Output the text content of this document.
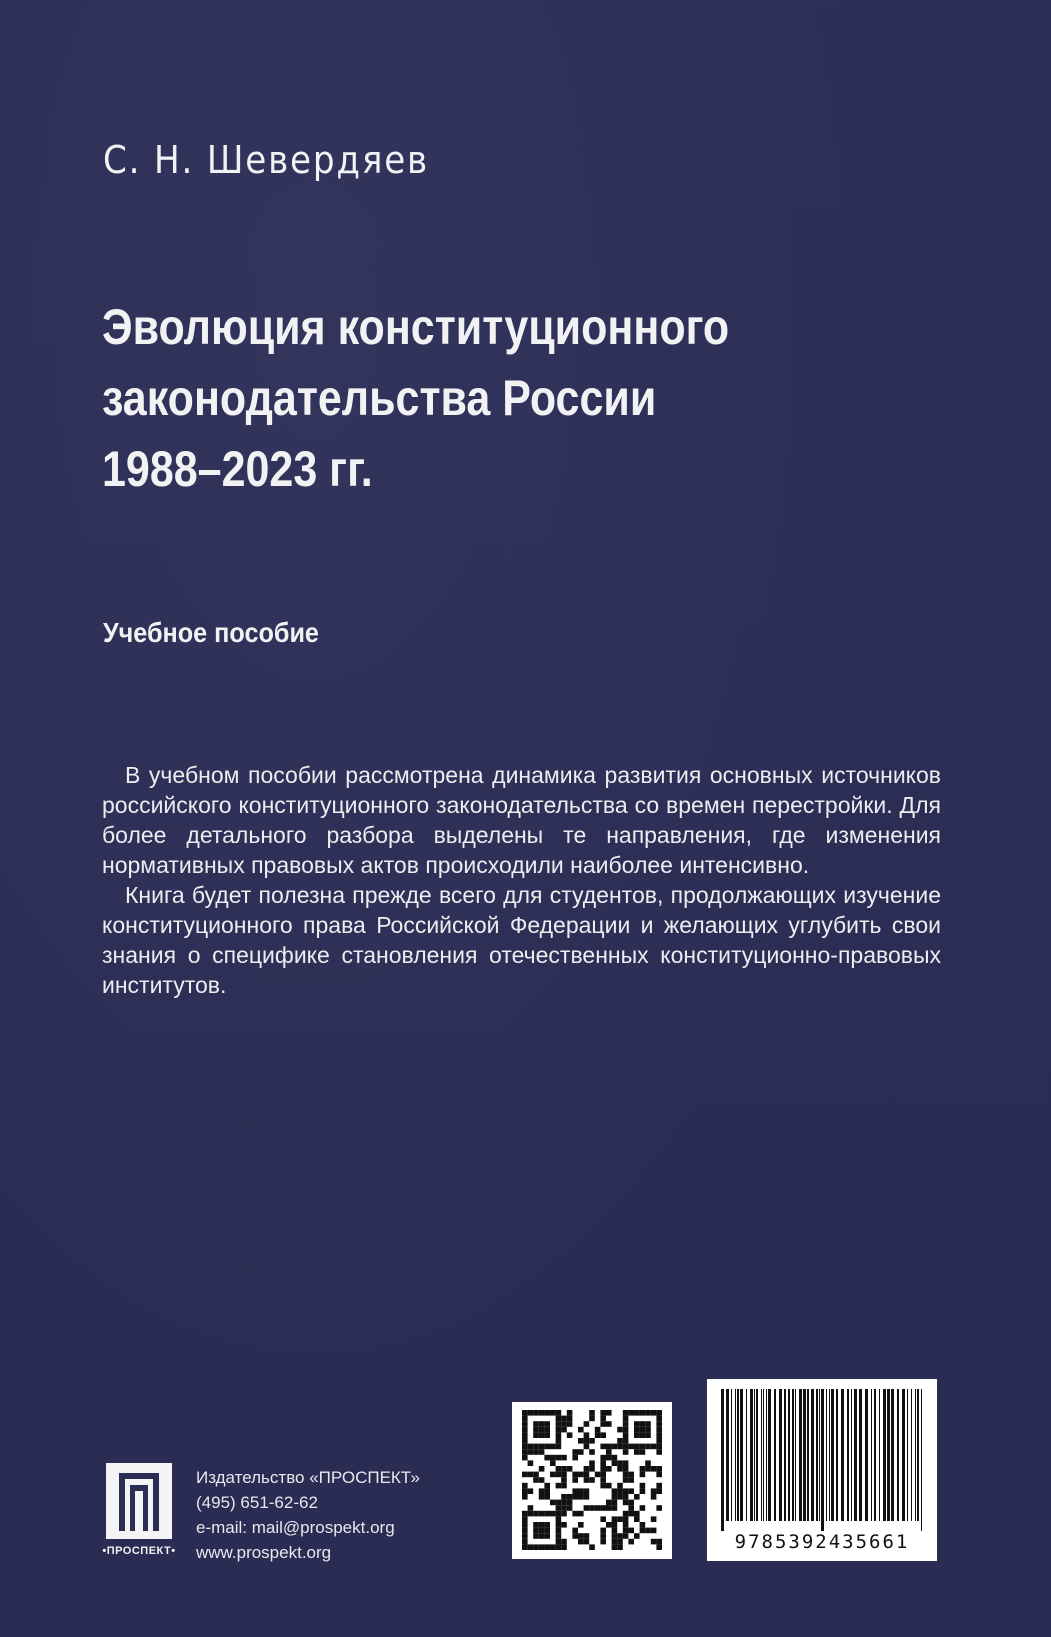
С. Н. Шевердяев
Эволюция конституционного
законодательства России
1988–2023 гг.
Учебное пособие

В учебном пособии рассмотрена динамика развития основных источников российского конституционного законодательства со времен перестройки. Для более детального разбора выделены те направления, где изменения нормативных правовых актов происходили наиболее интенсивно.

Книга будет полезна прежде всего для студентов, продолжающих изучение конституционного права Российской Федерации и желающих углубить свои знания о специфике становления отечественных конституционно-правовых институтов.

•ПРОСПЕКТ•
Издательство «ПРОСПЕКТ»
(495) 651-62-62
e-mail: mail@prospekt.org
www.prospekt.org	9785392435661
